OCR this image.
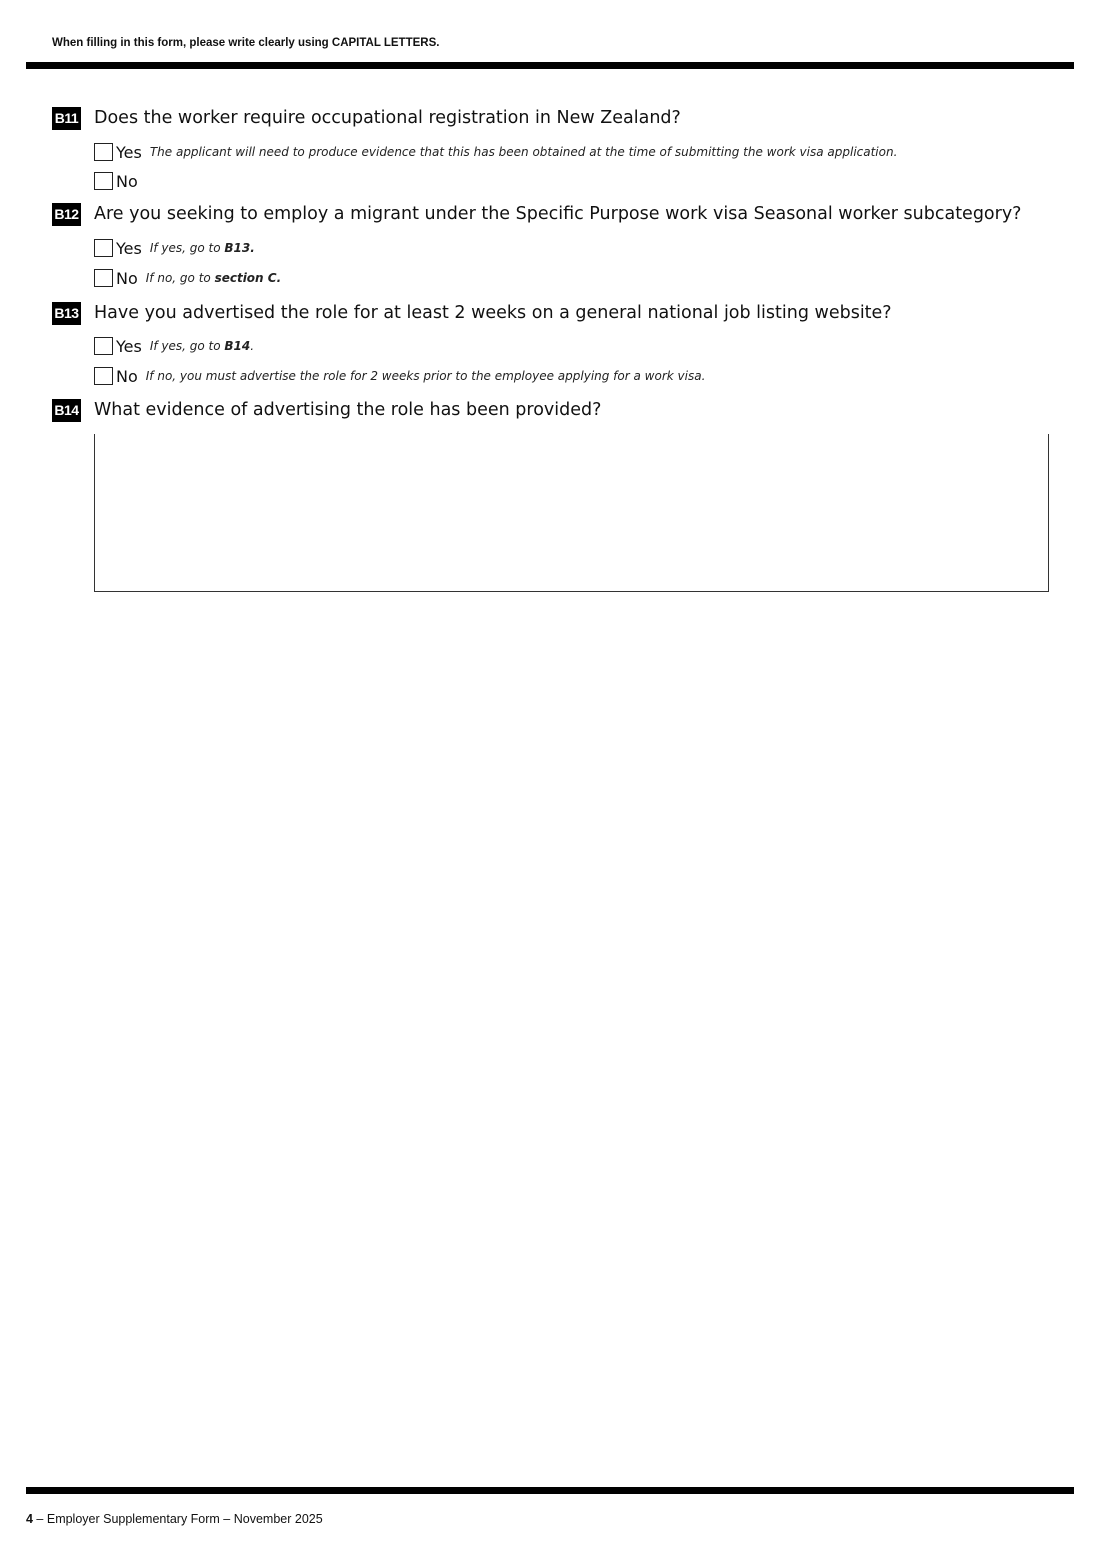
When filling in this form, please write clearly using CAPITAL LETTERS.
B11 Does the worker require occupational registration in New Zealand?
Yes The applicant will need to produce evidence that this has been obtained at the time of submitting the work visa application.
No
B12 Are you seeking to employ a migrant under the Specific Purpose work visa Seasonal worker subcategory?
Yes If yes, go to B13.
No If no, go to section C.
B13 Have you advertised the role for at least 2 weeks on a general national job listing website?
Yes If yes, go to B14.
No If no, you must advertise the role for 2 weeks prior to the employee applying for a work visa.
B14 What evidence of advertising the role has been provided?
4 – Employer Supplementary Form – November 2025
